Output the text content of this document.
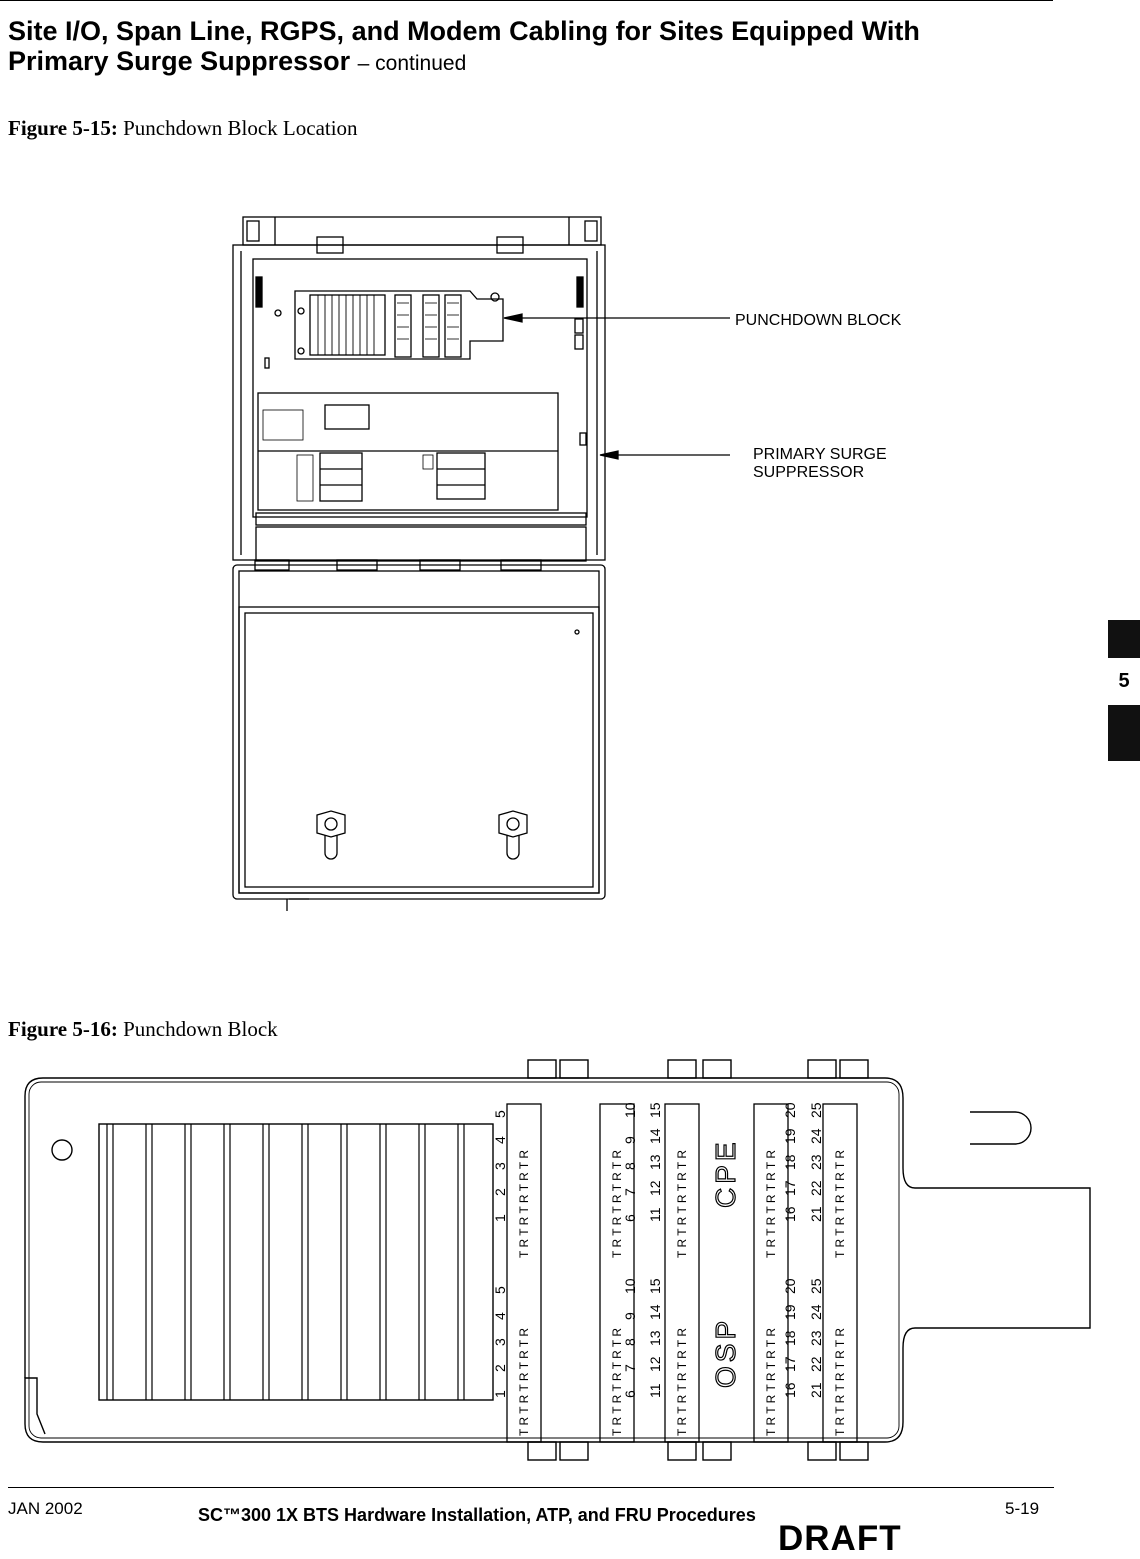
Site I/O, Span Line, RGPS, and Modem Cabling for Sites Equipped With
Primary Surge Suppressor – continued
Figure 5-15: Punchdown Block Location
PUNCHDOWN BLOCK
PRIMARY SURGE
SUPPRESSOR
Figure 5-16: Punchdown Block
T R T R T R T R T R
T R T R T R T R T R
T R T R T R T R T R
T R T R T R T R T R
T R T R T R T R T R
T R T R T R T R T R
T R T R T R T R T R
T R T R T R T R T R
T R T R T R T R T R
T R T R T R T R T R
1
2
3
4
5
1
2
3
4
5
6
7
8
9
10
6
7
8
9
10
11
12
13
14
15
11
12
13
14
15
16
17
18
19
20
16
17
18
19
20
21
22
23
24
25
21
22
23
24
25
OSP
CPE
JAN 2002	SC™300 1X BTS Hardware Installation, ATP, and FRU Procedures	5-19
DRAFT
5
